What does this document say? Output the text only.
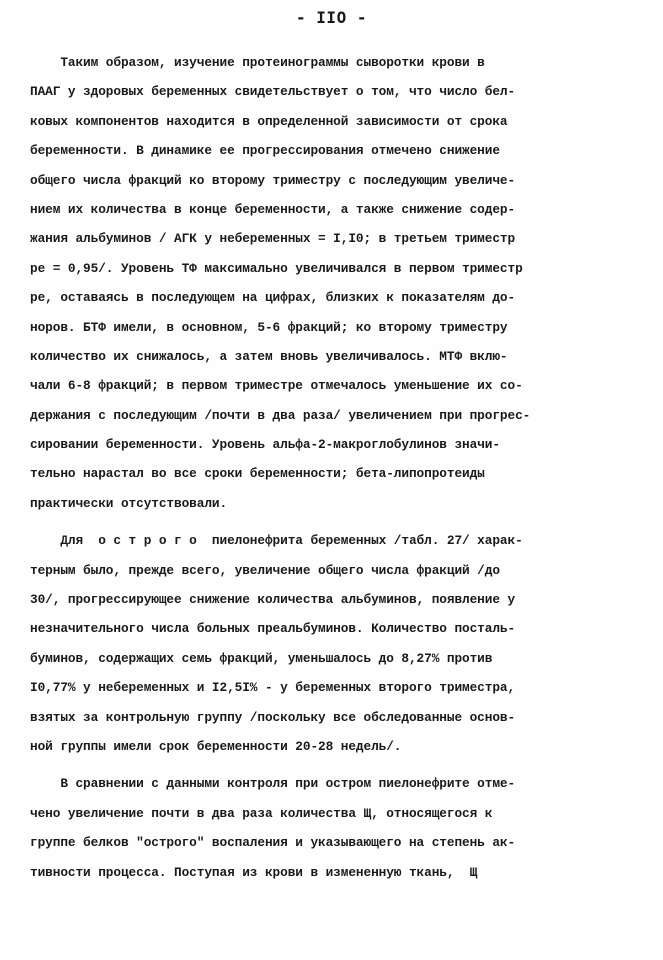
- IIO -
Таким образом, изучение протеинограммы сыворотки крови в
ПААГ у здоровых беременных свидетельствует о том, что число бел-
ковых компонентов находится в определенной зависимости от срока
беременности. В динамике ее прогрессирования отмечено снижение
общего числа фракций ко второму триместру с последующим увеличе-
нием их количества в конце беременности, а также снижение содер-
жания альбуминов / АГК у небеременных = I,I0; в третьем триместр
ре = 0,95/. Уровень ТФ максимально увеличивался в первом триместр
ре, оставаясь в последующем на цифрах, близких к показателям до-
норов. БТФ имели, в основном, 5-6 фракций; ко второму триместру
количество их снижалось, а затем вновь увеличивалось. МТФ вклю-
чали 6-8 фракций; в первом триместре отмечалось уменьшение их со-
держания с последующим /почти в два раза/ увеличением при прогрес-
сировании беременности. Уровень альфа-2-макроглобулинов значи-
тельно нарастал во все сроки беременности; бета-липопротеиды
практически отсутствовали.
Для  о с т р о г о  пиелонефрита беременных /табл. 27/ харак-
терным было, прежде всего, увеличение общего числа фракций /до
30/, прогрессирующее снижение количества альбуминов, появление у
незначительного числа больных преальбуминов. Количество посталь-
буминов, содержащих семь фракций, уменьшалось до 8,27% против
I0,77% у небеременных и I2,5I% - у беременных второго триместра,
взятых за контрольную группу /поскольку все обследованные основ-
ной группы имели срок беременности 20-28 недель/.
В сравнении с данными контроля при остром пиелонефрите отме-
чено увеличение почти в два раза количества Щ, относящегося к
группе белков "острого" воспаления и указывающего на степень ак-
тивности процесса. Поступая из крови в измененную ткань,  Щ
